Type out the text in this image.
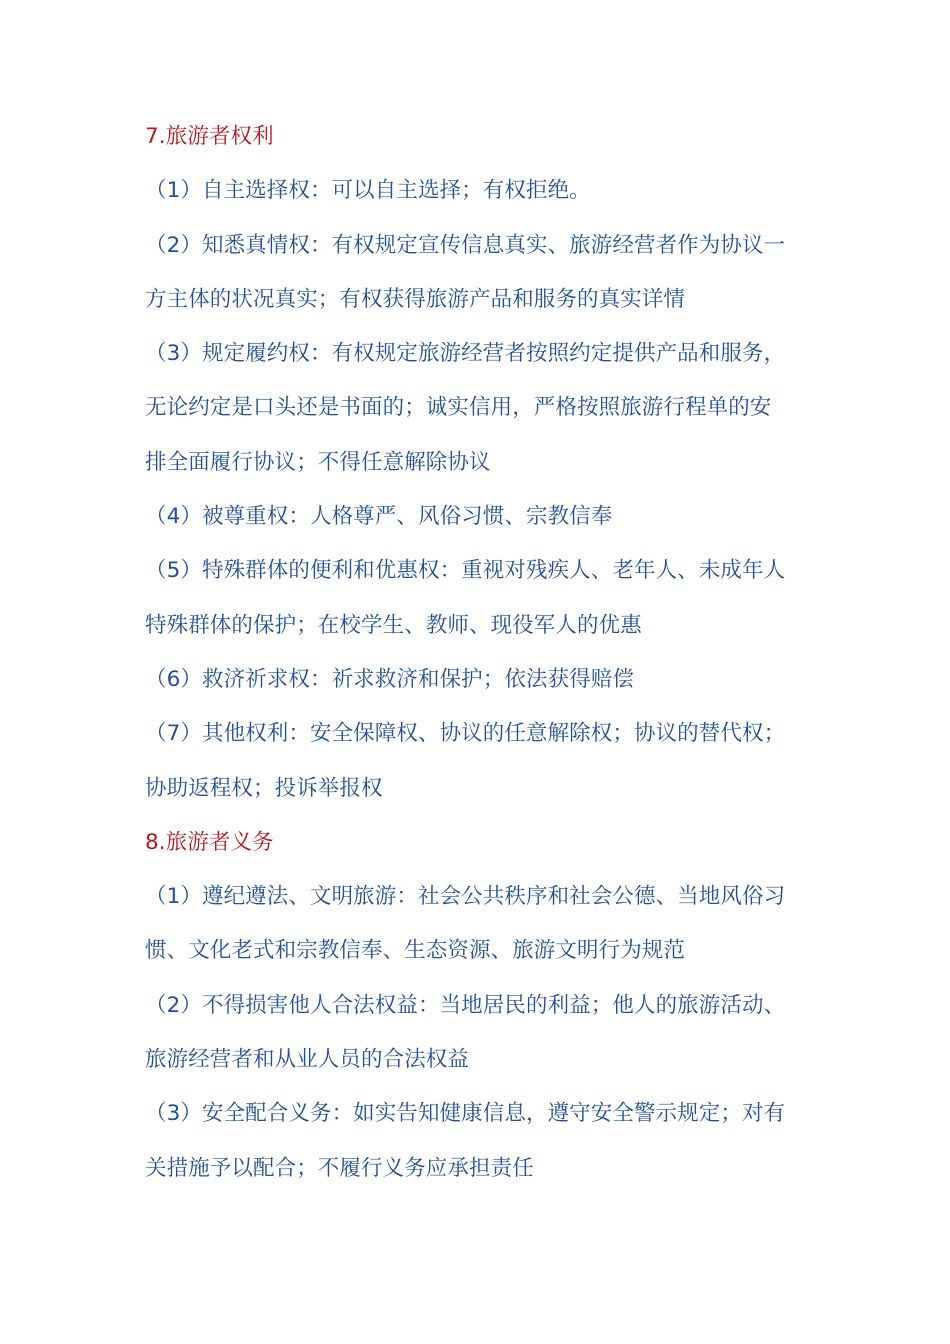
7.旅游者权利
（1）自主选择权：可以自主选择；有权拒绝。
（2）知悉真情权：有权规定宣传信息真实、旅游经营者作为协议一
方主体的状况真实；有权获得旅游产品和服务的真实详情
（3）规定履约权：有权规定旅游经营者按照约定提供产品和服务，
无论约定是口头还是书面的；诚实信用，严格按照旅游行程单的安
排全面履行协议；不得任意解除协议
（4）被尊重权：人格尊严、风俗习惯、宗教信奉
（5）特殊群体的便利和优惠权：重视对残疾人、老年人、未成年人
特殊群体的保护；在校学生、教师、现役军人的优惠
（6）救济祈求权：祈求救济和保护；依法获得赔偿
（7）其他权利：安全保障权、协议的任意解除权；协议的替代权；
协助返程权；投诉举报权
8.旅游者义务
（1）遵纪遵法、文明旅游：社会公共秩序和社会公德、当地风俗习
惯、文化老式和宗教信奉、生态资源、旅游文明行为规范
（2）不得损害他人合法权益：当地居民的利益；他人的旅游活动、
旅游经营者和从业人员的合法权益
（3）安全配合义务：如实告知健康信息，遵守安全警示规定；对有
关措施予以配合；不履行义务应承担责任
